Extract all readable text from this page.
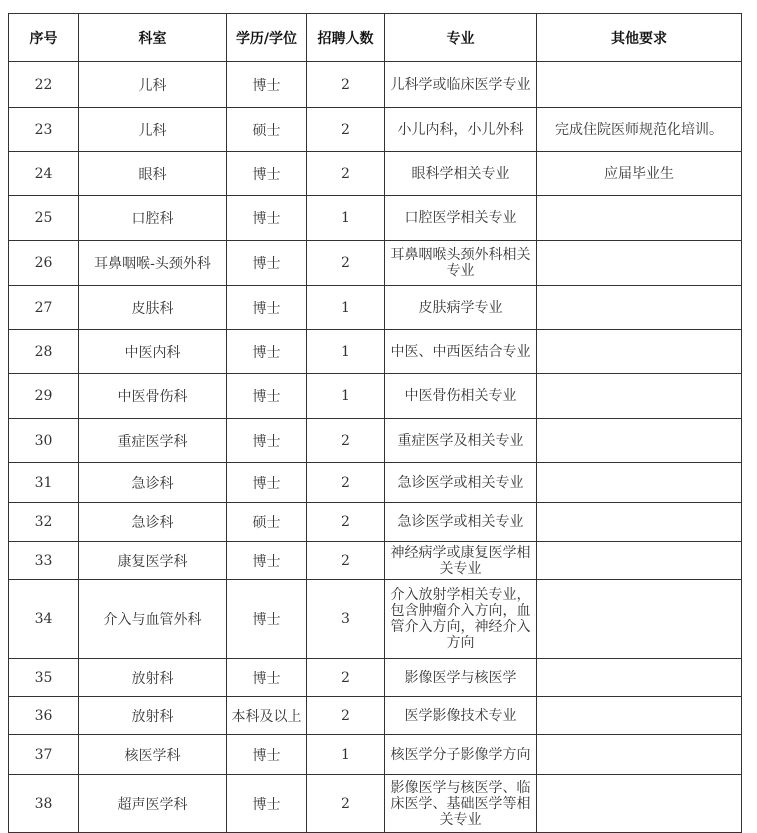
序号	科室	学历/学位	招聘人数	专业	其他要求
22	儿科	博士	2	儿科学或临床医学专业	
23	儿科	硕士	2	小儿内科，小儿外科	完成住院医师规范化培训。
24	眼科	博士	2	眼科学相关专业	应届毕业生
25	口腔科	博士	1	口腔医学相关专业	
26	耳鼻咽喉-头颈外科	博士	2	耳鼻咽喉头颈外科相关专业	
27	皮肤科	博士	1	皮肤病学专业	
28	中医内科	博士	1	中医、中西医结合专业	
29	中医骨伤科	博士	1	中医骨伤相关专业	
30	重症医学科	博士	2	重症医学及相关专业	
31	急诊科	博士	2	急诊医学或相关专业	
32	急诊科	硕士	2	急诊医学或相关专业	
33	康复医学科	博士	2	神经病学或康复医学相关专业	
34	介入与血管外科	博士	3	介入放射学相关专业，包含肿瘤介入方向，血管介入方向，神经介入方向	
35	放射科	博士	2	影像医学与核医学	
36	放射科	本科及以上	2	医学影像技术专业	
37	核医学科	博士	1	核医学分子影像学方向	
38	超声医学科	博士	2	影像医学与核医学、临床医学、基础医学等相关专业	
